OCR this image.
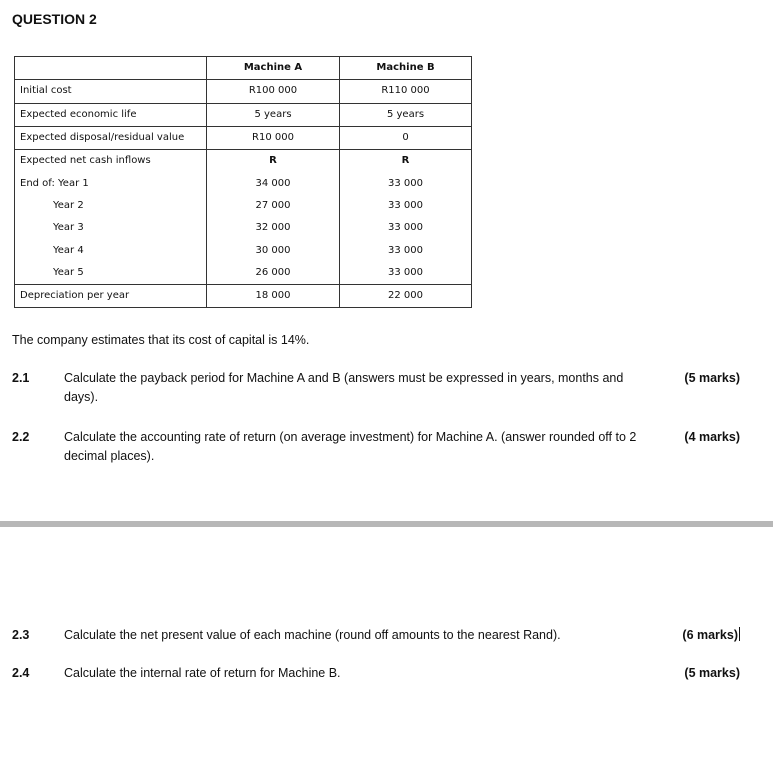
QUESTION 2
	Machine A	Machine B
Initial cost	R100 000	R110 000
Expected economic life	5 years	5 years
Expected disposal/residual value	R10 000	0
Expected net cash inflows	R	R
End of: Year 1	34 000	33 000
Year 2	27 000	33 000
Year 3	32 000	33 000
Year 4	30 000	33 000
Year 5	26 000	33 000
Depreciation per year	18 000	22 000
The company estimates that its cost of capital is 14%.
2.1	Calculate the payback period for Machine A and B (answers must be expressed in years, months and days).
(5 marks)
2.2	Calculate the accounting rate of return (on average investment) for Machine A. (answer rounded off to 2 decimal places).
(4 marks)
2.3	Calculate the net present value of each machine (round off amounts to the nearest Rand).	(6 marks)
2.4	Calculate the internal rate of return for Machine B.	(5 marks)
